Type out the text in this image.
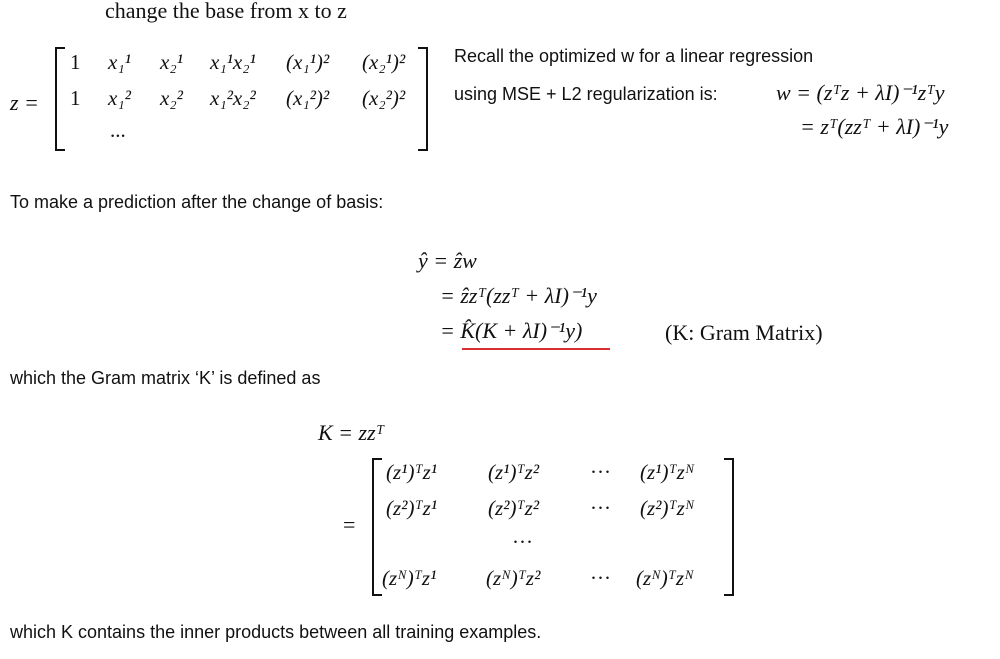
change the base from x to z
z =
1 x₁¹ x₂¹ x₁¹x₂¹ (x₁¹)² (x₂¹)²
1 x₁² x₂² x₁²x₂² (x₁²)² (x₂²)²
...
Recall the optimized w for a linear regression
using MSE + L2 regularization is:	w = (zᵀz + λI)⁻¹zᵀy
= zᵀ(zzᵀ + λI)⁻¹y
To make a prediction after the change of basis:
ŷ = ẑw
= ẑzᵀ(zzᵀ + λI)⁻¹y
= K̂(K + λI)⁻¹y)	(K: Gram Matrix)
which the Gram matrix ‘K’ is defined as
K = zzᵀ
=
(z¹)ᵀz¹ (z¹)ᵀz² ··· (z¹)ᵀzᴺ
(z²)ᵀz¹ (z²)ᵀz² ··· (z²)ᵀzᴺ
···
(zᴺ)ᵀz¹ (zᴺ)ᵀz² ··· (zᴺ)ᵀzᴺ
which K contains the inner products between all training examples.
